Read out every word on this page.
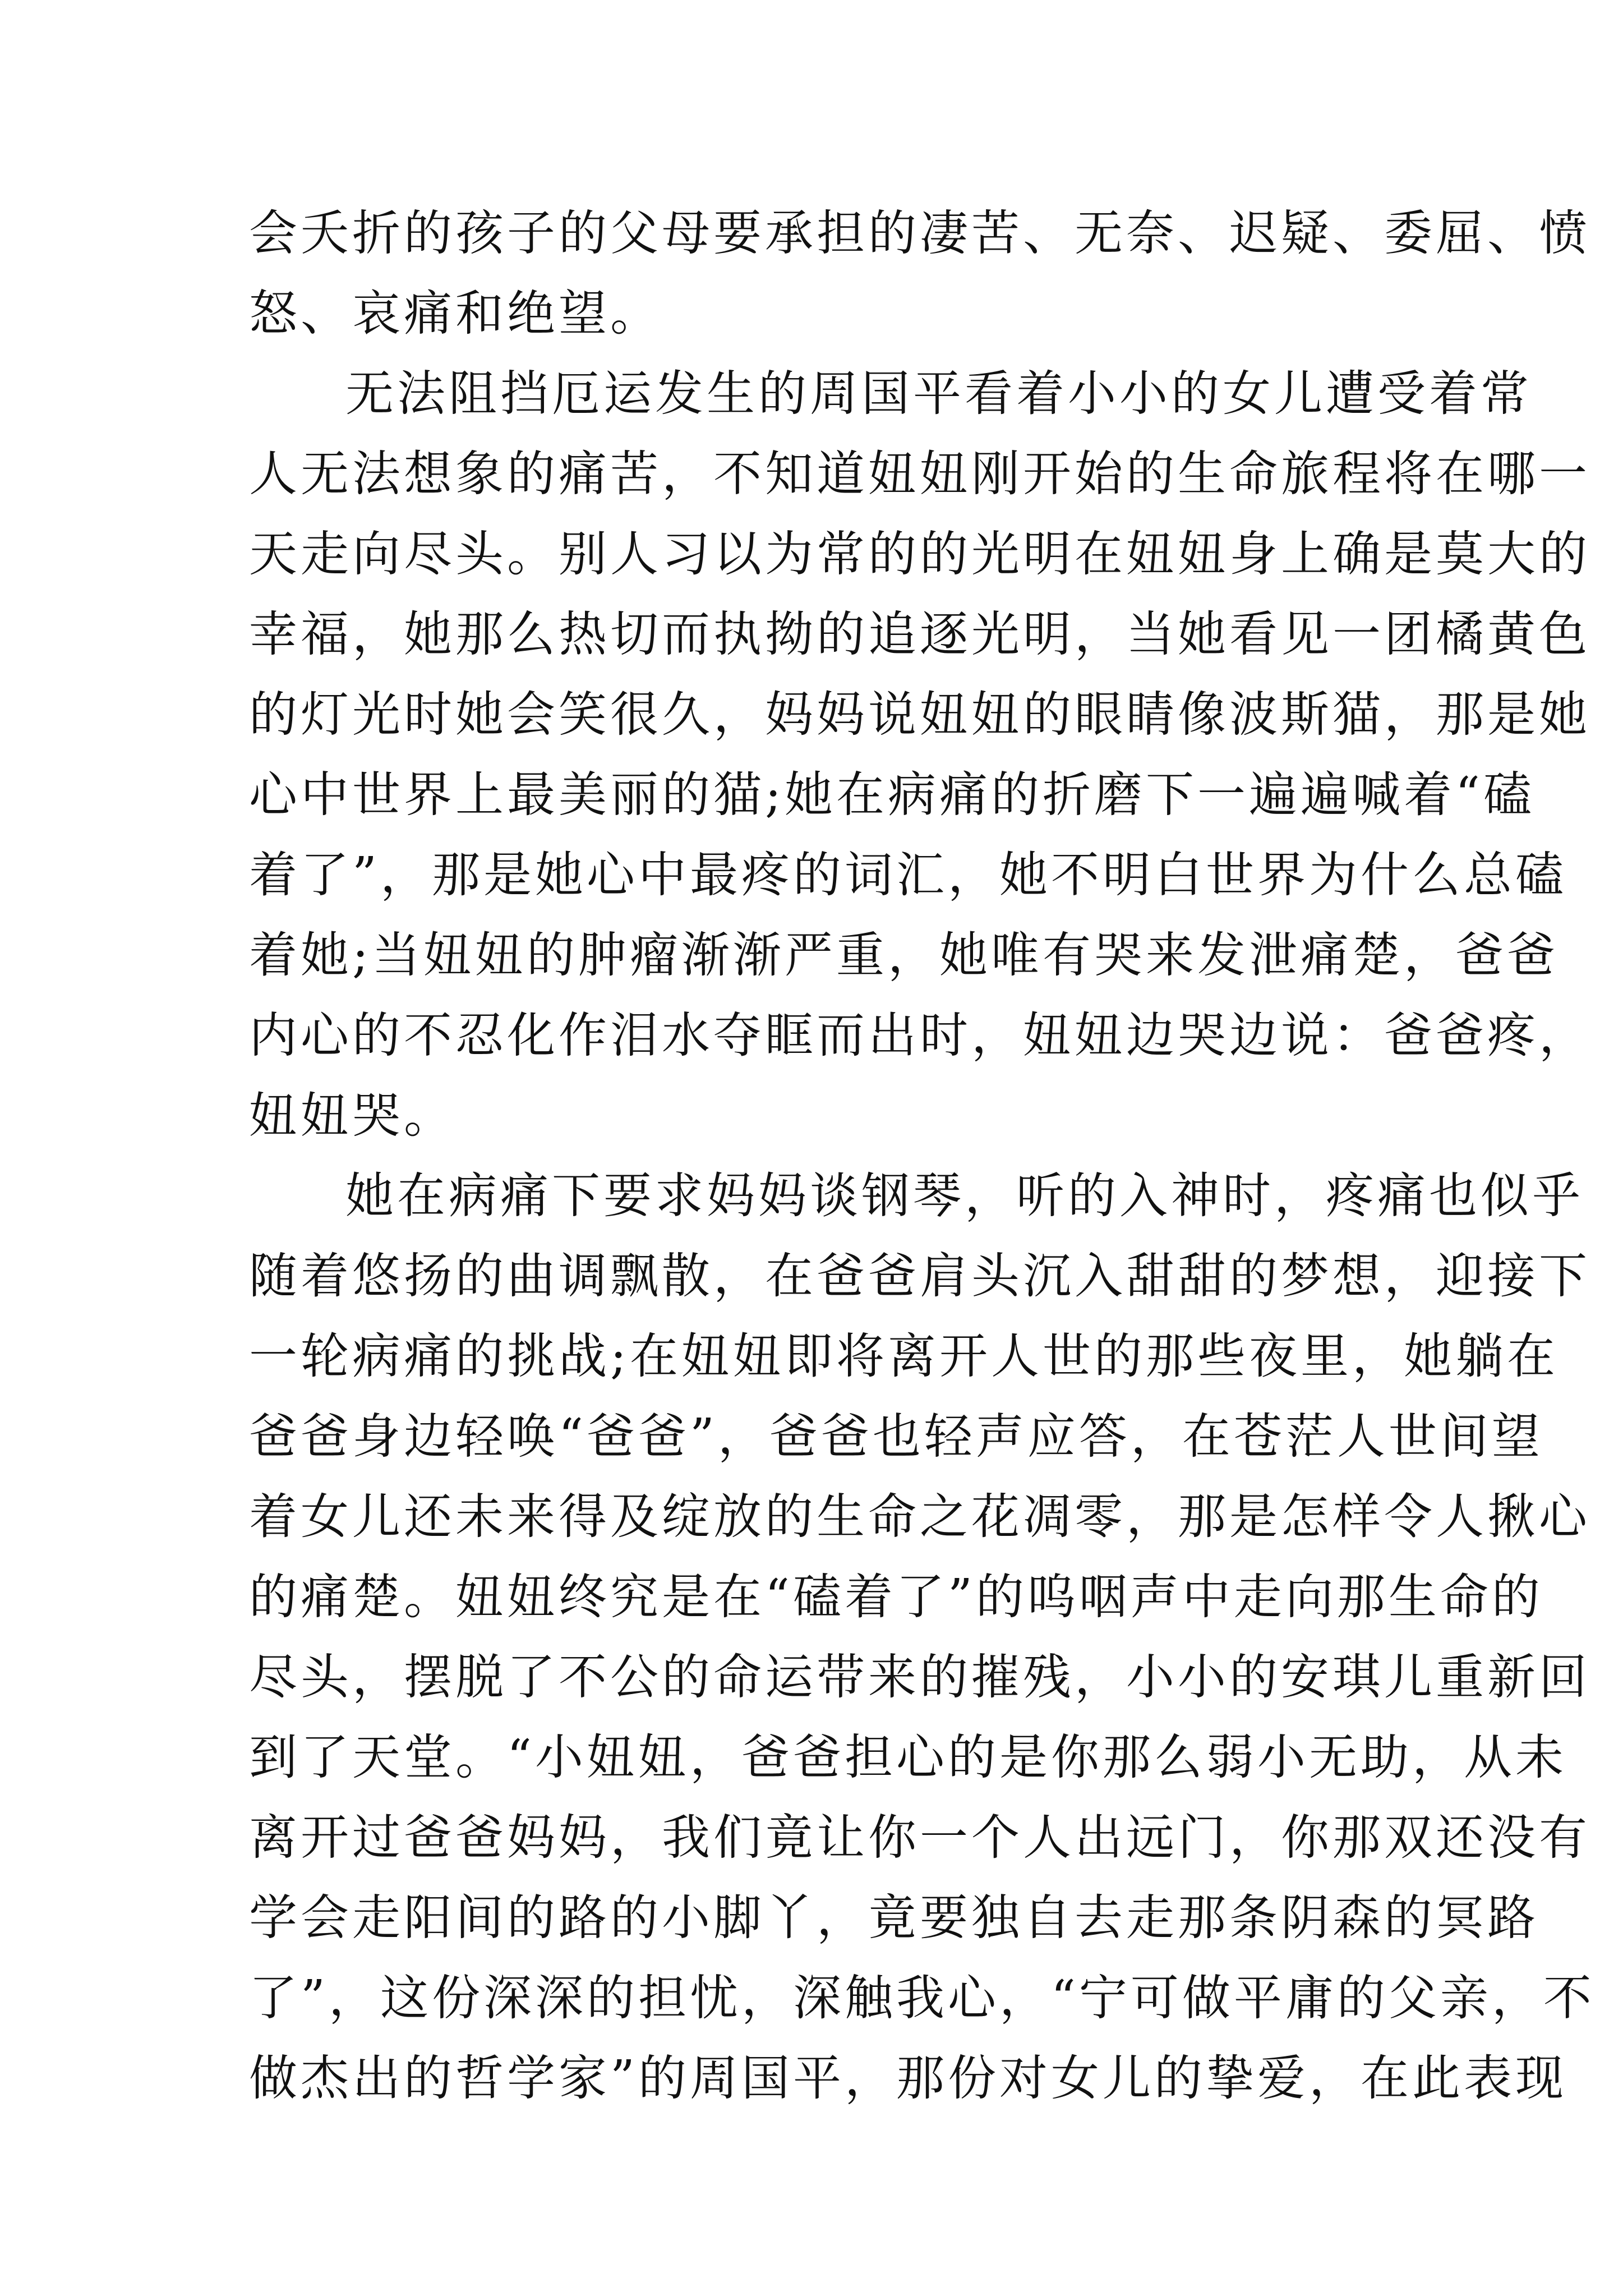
会夭折的孩子的父母要承担的凄苦、无奈、迟疑、委屈、愤
怒、哀痛和绝望。
无法阻挡厄运发生的周国平看着小小的女儿遭受着常
人无法想象的痛苦，不知道妞妞刚开始的生命旅程将在哪一
天走向尽头。别人习以为常的的光明在妞妞身上确是莫大的
幸福，她那么热切而执拗的追逐光明，当她看见一团橘黄色
的灯光时她会笑很久，妈妈说妞妞的眼睛像波斯猫，那是她
心中世界上最美丽的猫;她在病痛的折磨下一遍遍喊着“磕
着了”，那是她心中最疼的词汇，她不明白世界为什么总磕
着她;当妞妞的肿瘤渐渐严重，她唯有哭来发泄痛楚，爸爸
内心的不忍化作泪水夺眶而出时，妞妞边哭边说：爸爸疼，
妞妞哭。
她在病痛下要求妈妈谈钢琴，听的入神时，疼痛也似乎
随着悠扬的曲调飘散，在爸爸肩头沉入甜甜的梦想，迎接下
一轮病痛的挑战;在妞妞即将离开人世的那些夜里，她躺在
爸爸身边轻唤“爸爸”，爸爸也轻声应答，在苍茫人世间望
着女儿还未来得及绽放的生命之花凋零，那是怎样令人揪心
的痛楚。妞妞终究是在“磕着了”的呜咽声中走向那生命的
尽头，摆脱了不公的命运带来的摧残，小小的安琪儿重新回
到了天堂。“小妞妞，爸爸担心的是你那么弱小无助，从未
离开过爸爸妈妈，我们竟让你一个人出远门，你那双还没有
学会走阳间的路的小脚丫，竟要独自去走那条阴森的冥路
了”，这份深深的担忧，深触我心，“宁可做平庸的父亲，不
做杰出的哲学家”的周国平，那份对女儿的挚爱，在此表现
